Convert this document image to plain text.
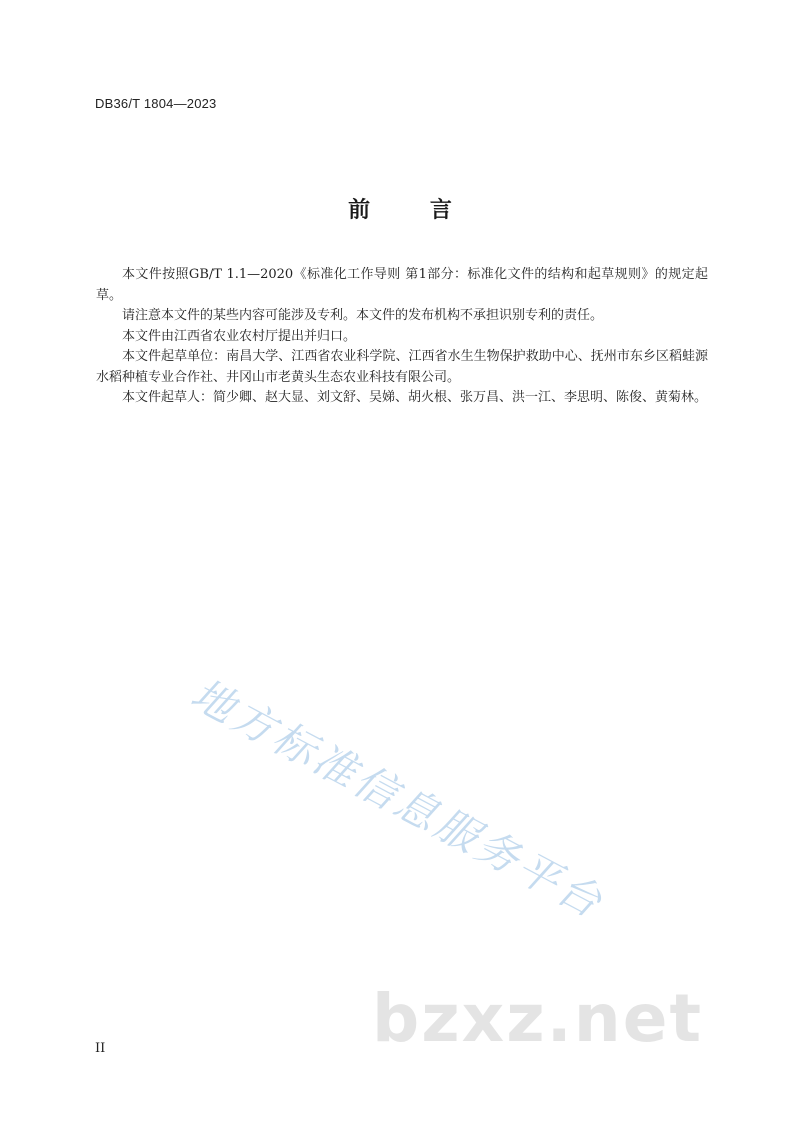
DB36/T 1804—2023
前 言

本文件按照GB/T 1.1—2020《标准化工作导则 第1部分：标准化文件的结构和起草规则》的规定起草。

请注意本文件的某些内容可能涉及专利。本文件的发布机构不承担识别专利的责任。

本文件由江西省农业农村厅提出并归口。

本文件起草单位：南昌大学、江西省农业科学院、江西省水生生物保护救助中心、抚州市东乡区稻蛙源水稻种植专业合作社、井冈山市老黄头生态农业科技有限公司。

本文件起草人：简少卿、赵大显、刘文舒、吴娣、胡火根、张万昌、洪一江、李思明、陈俊、黄菊林。

地方标准信息服务平台
bzxz.net
II
